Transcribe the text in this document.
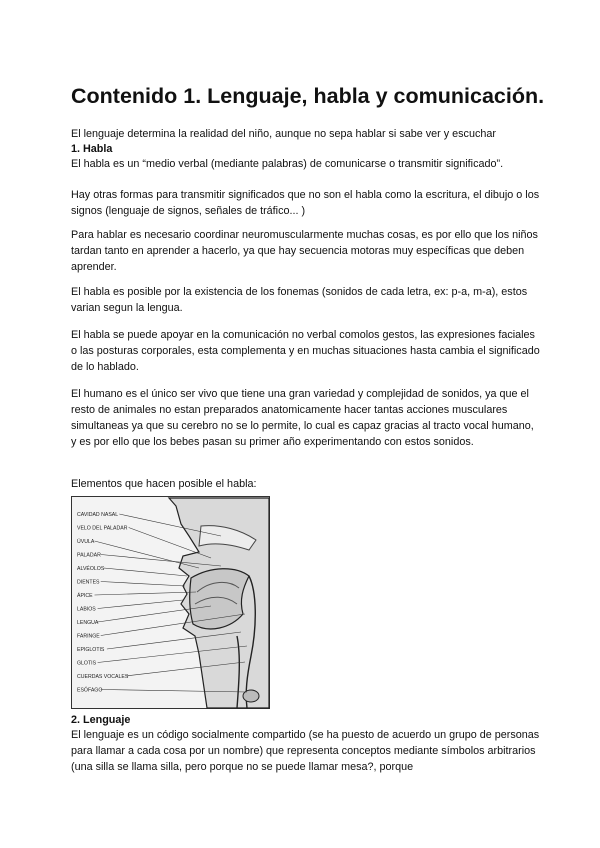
Contenido 1. Lenguaje, habla y comunicación.

El lenguaje determina la realidad del niño, aunque no sepa hablar si sabe ver y escuchar

1. Habla

El habla es un “medio verbal (mediante palabras) de comunicarse o transmitir significado”.

Hay otras formas para transmitir significados que no son el habla como la escritura, el dibujo o los signos (lenguaje de signos, señales de tráfico... )

Para hablar es necesario coordinar neuromuscularmente muchas cosas, es por ello que los niños tardan tanto en aprender a hacerlo, ya que hay secuencia motoras muy específicas que deben aprender.

El habla es posible por la existencia de los fonemas (sonidos de cada letra, ex: p-a, m-a), estos varian segun la lengua.

El habla se puede apoyar en la comunicación no verbal comolos gestos, las expresiones faciales o las posturas corporales, esta complementa y en muchas situaciones hasta cambia el significado de lo hablado.

El humano es el único ser vivo que tiene una gran variedad y complejidad de sonidos, ya que el resto de animales no estan preparados anatomicamente hacer tantas acciones musculares simultaneas ya que su cerebro no se lo permite, lo cual es capaz gracias al tracto vocal humano, y es por ello que los bebes pasan su primer año experimentando con estos sonidos.

Elementos que hacen posible el habla:

CAVIDAD NASAL
VELO DEL PALADAR
ÚVULA
PALADAR
ALVÉOLOS
DIENTES
ÁPICE
LABIOS
LENGUA
FARINGE
EPIGLOTIS
GLOTIS
CUERDAS VOCALES
ESÓFAGO

2. Lenguaje

El lenguaje es un código socialmente compartido (se ha puesto de acuerdo un grupo de personas para llamar a cada cosa por un nombre) que representa conceptos mediante símbolos arbitrarios (una silla se llama silla, pero porque no se puede llamar mesa?, porque
